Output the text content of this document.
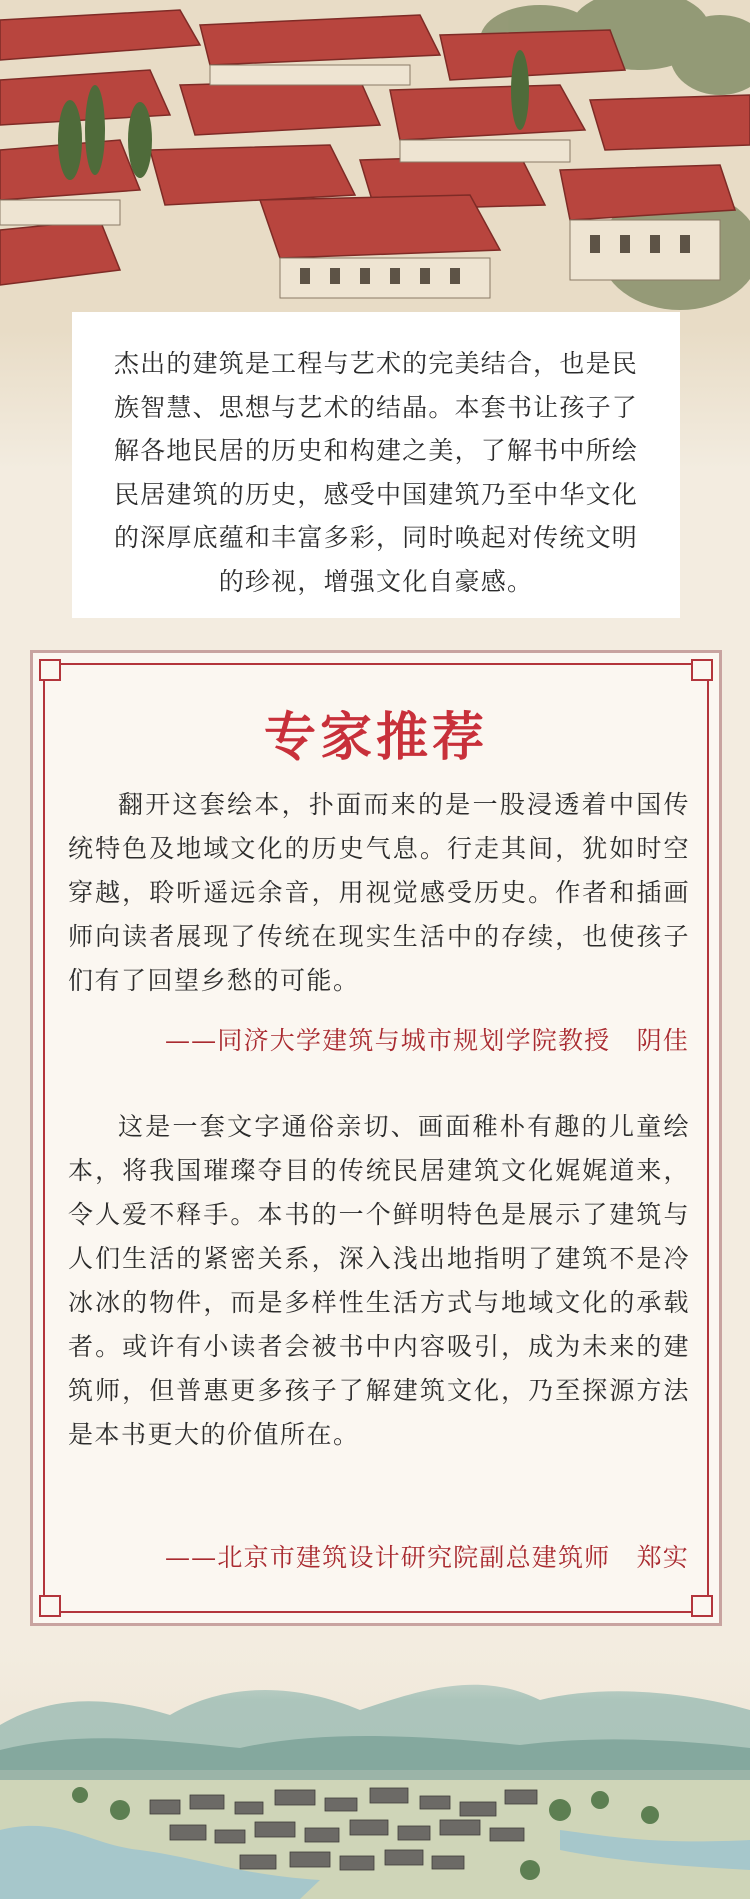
杰出的建筑是工程与艺术的完美结合，也是民族智慧、思想与艺术的结晶。本套书让孩子了解各地民居的历史和构建之美，了解书中所绘民居建筑的历史，感受中国建筑乃至中华文化的深厚底蕴和丰富多彩，同时唤起对传统文明的珍视，增强文化自豪感。

专家推荐

翻开这套绘本，扑面而来的是一股浸透着中国传统特色及地域文化的历史气息。行走其间，犹如时空穿越，聆听遥远余音，用视觉感受历史。作者和插画师向读者展现了传统在现实生活中的存续，也使孩子们有了回望乡愁的可能。

——同济大学建筑与城市规划学院教授　阴佳

这是一套文字通俗亲切、画面稚朴有趣的儿童绘本，将我国璀璨夺目的传统民居建筑文化娓娓道来，令人爱不释手。本书的一个鲜明特色是展示了建筑与人们生活的紧密关系，深入浅出地指明了建筑不是冷冰冰的物件，而是多样性生活方式与地域文化的承载者。或许有小读者会被书中内容吸引，成为未来的建筑师，但普惠更多孩子了解建筑文化，乃至探源方法是本书更大的价值所在。

——北京市建筑设计研究院副总建筑师　郑实
